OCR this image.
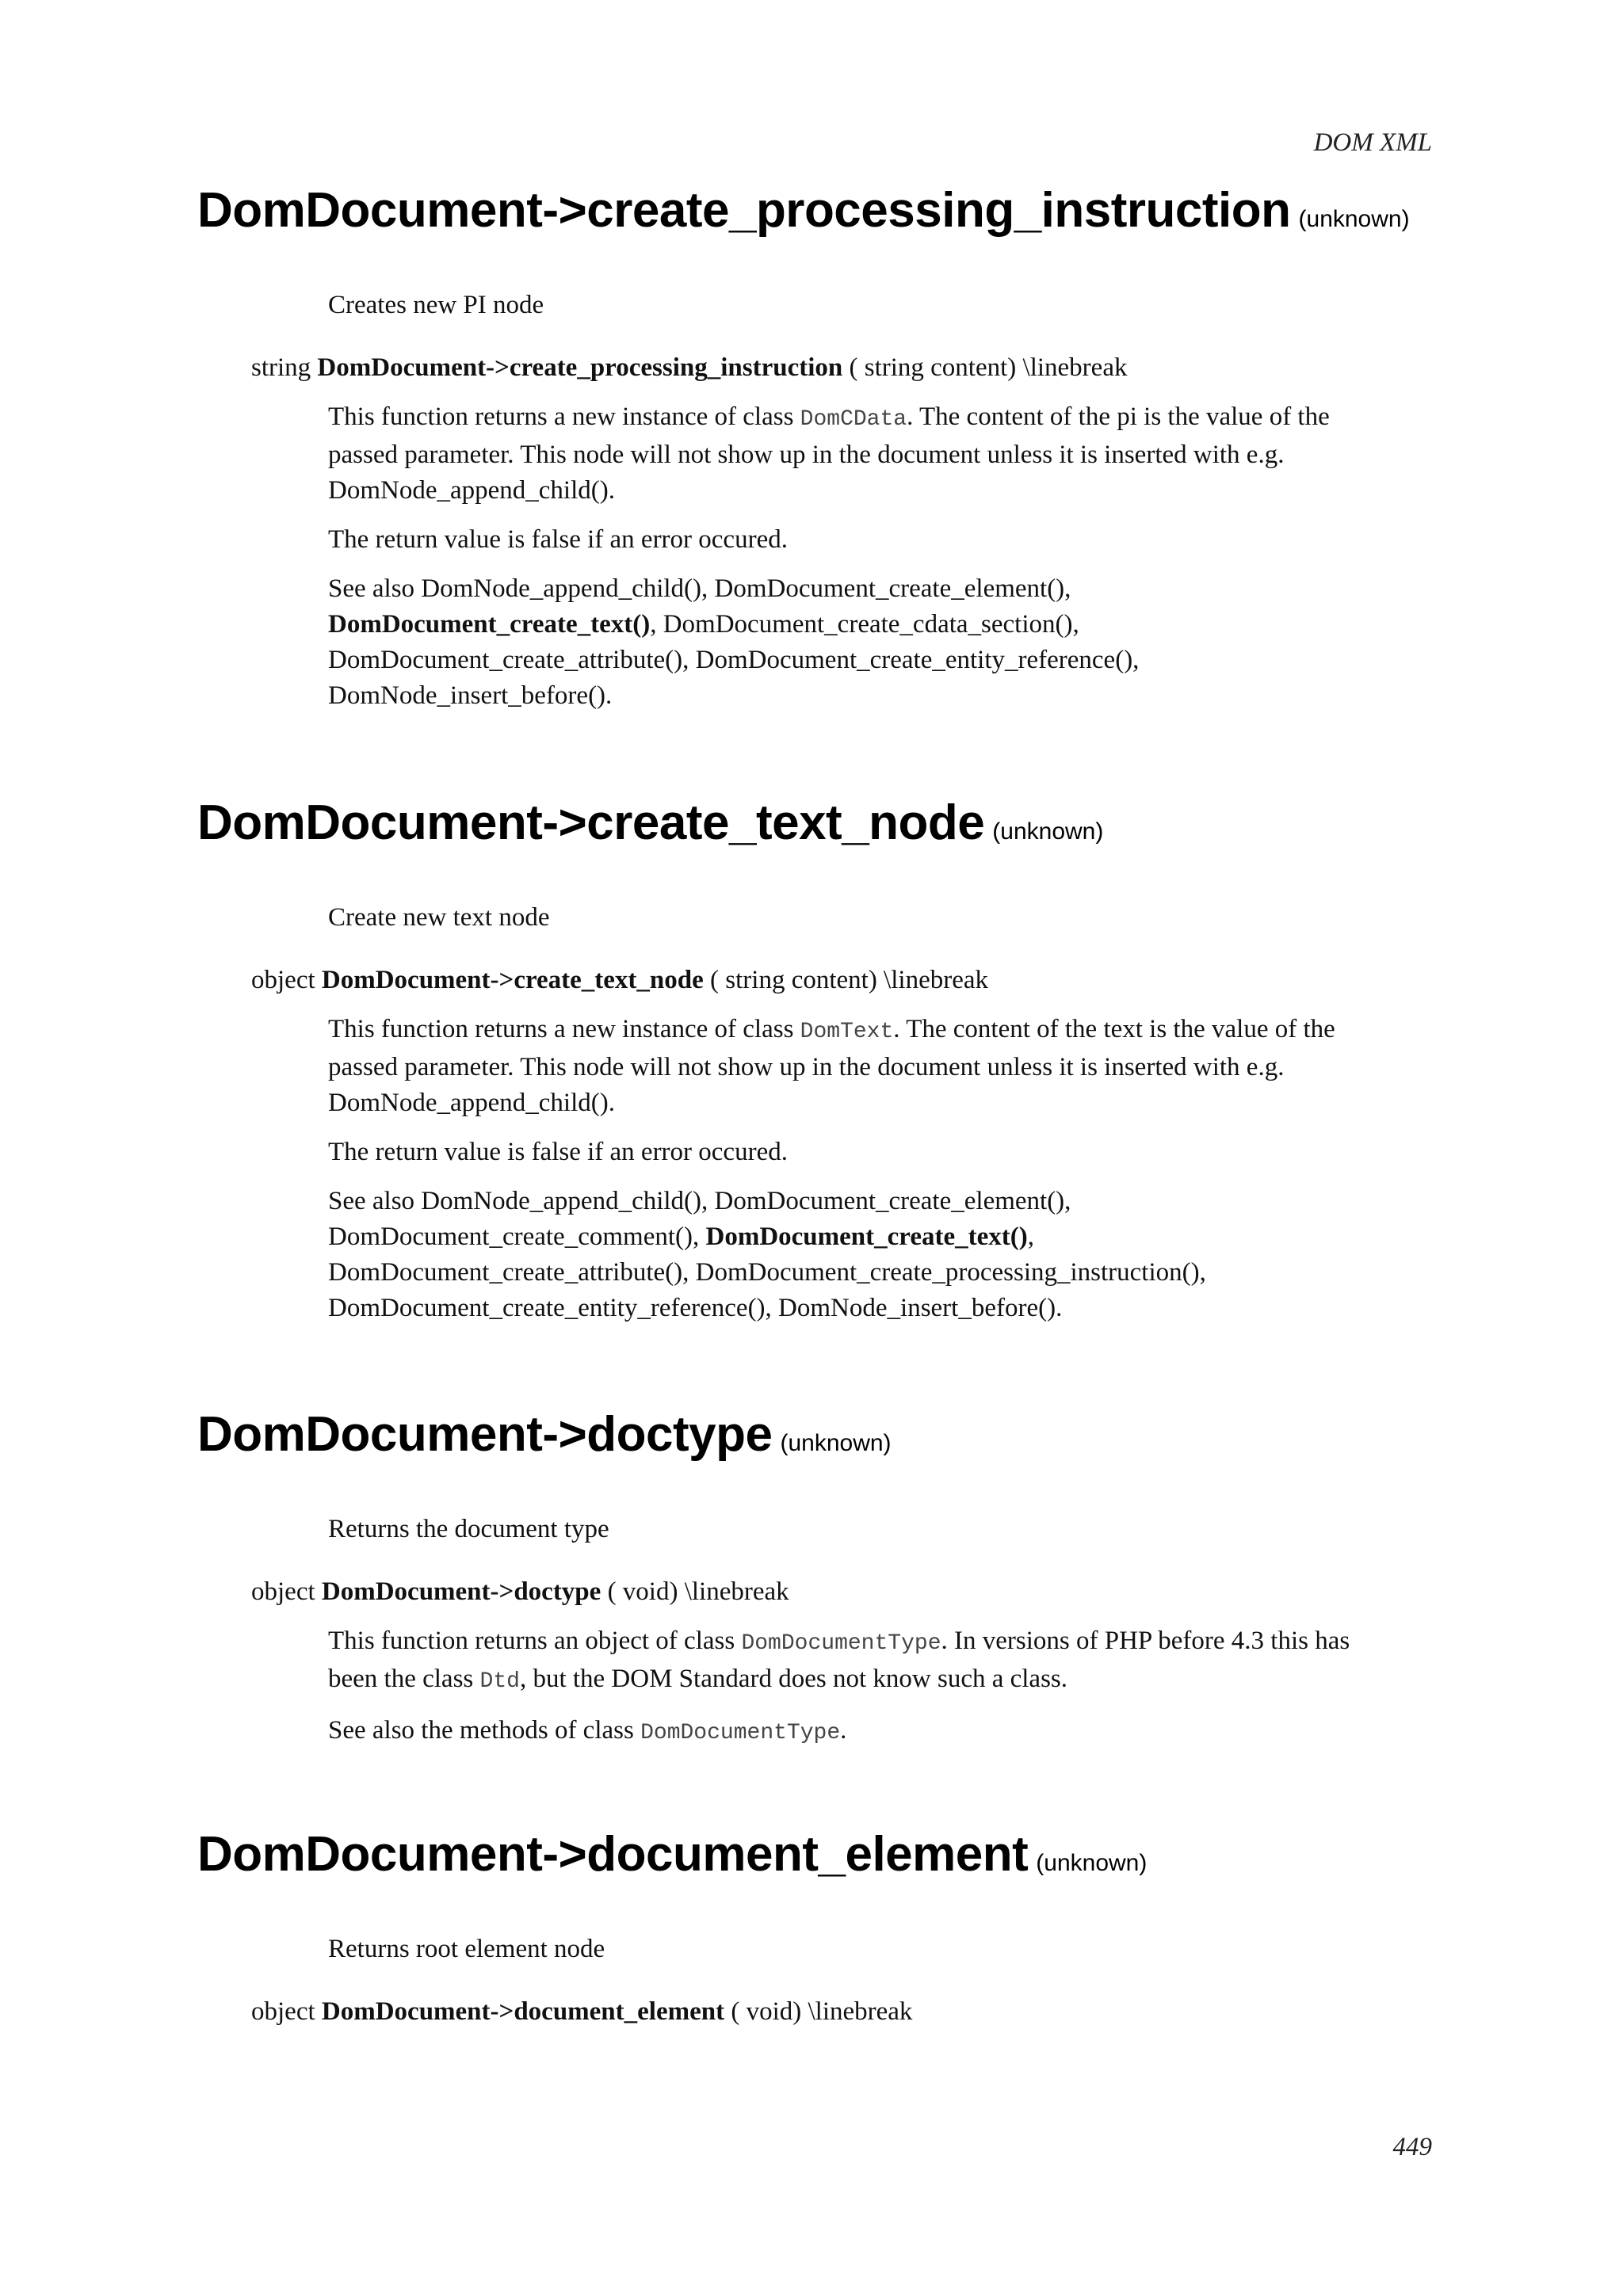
DOM XML
DomDocument->create_processing_instruction (unknown)
Creates new PI node
string DomDocument->create_processing_instruction ( string content) \linebreak

This function returns a new instance of class DomCData. The content of the pi is the value of the
passed parameter. This node will not show up in the document unless it is inserted with e.g.
DomNode_append_child().

The return value is false if an error occured.

See also DomNode_append_child(), DomDocument_create_element(),
DomDocument_create_text(), DomDocument_create_cdata_section(),
DomDocument_create_attribute(), DomDocument_create_entity_reference(),
DomNode_insert_before().

DomDocument->create_text_node (unknown)
Create new text node
object DomDocument->create_text_node ( string content) \linebreak

This function returns a new instance of class DomText. The content of the text is the value of the
passed parameter. This node will not show up in the document unless it is inserted with e.g.
DomNode_append_child().

The return value is false if an error occured.

See also DomNode_append_child(), DomDocument_create_element(),
DomDocument_create_comment(), DomDocument_create_text(),
DomDocument_create_attribute(), DomDocument_create_processing_instruction(),
DomDocument_create_entity_reference(), DomNode_insert_before().

DomDocument->doctype (unknown)
Returns the document type
object DomDocument->doctype ( void) \linebreak

This function returns an object of class DomDocumentType. In versions of PHP before 4.3 this has
been the class Dtd, but the DOM Standard does not know such a class.

See also the methods of class DomDocumentType.

DomDocument->document_element (unknown)
Returns root element node
object DomDocument->document_element ( void) \linebreak
449
